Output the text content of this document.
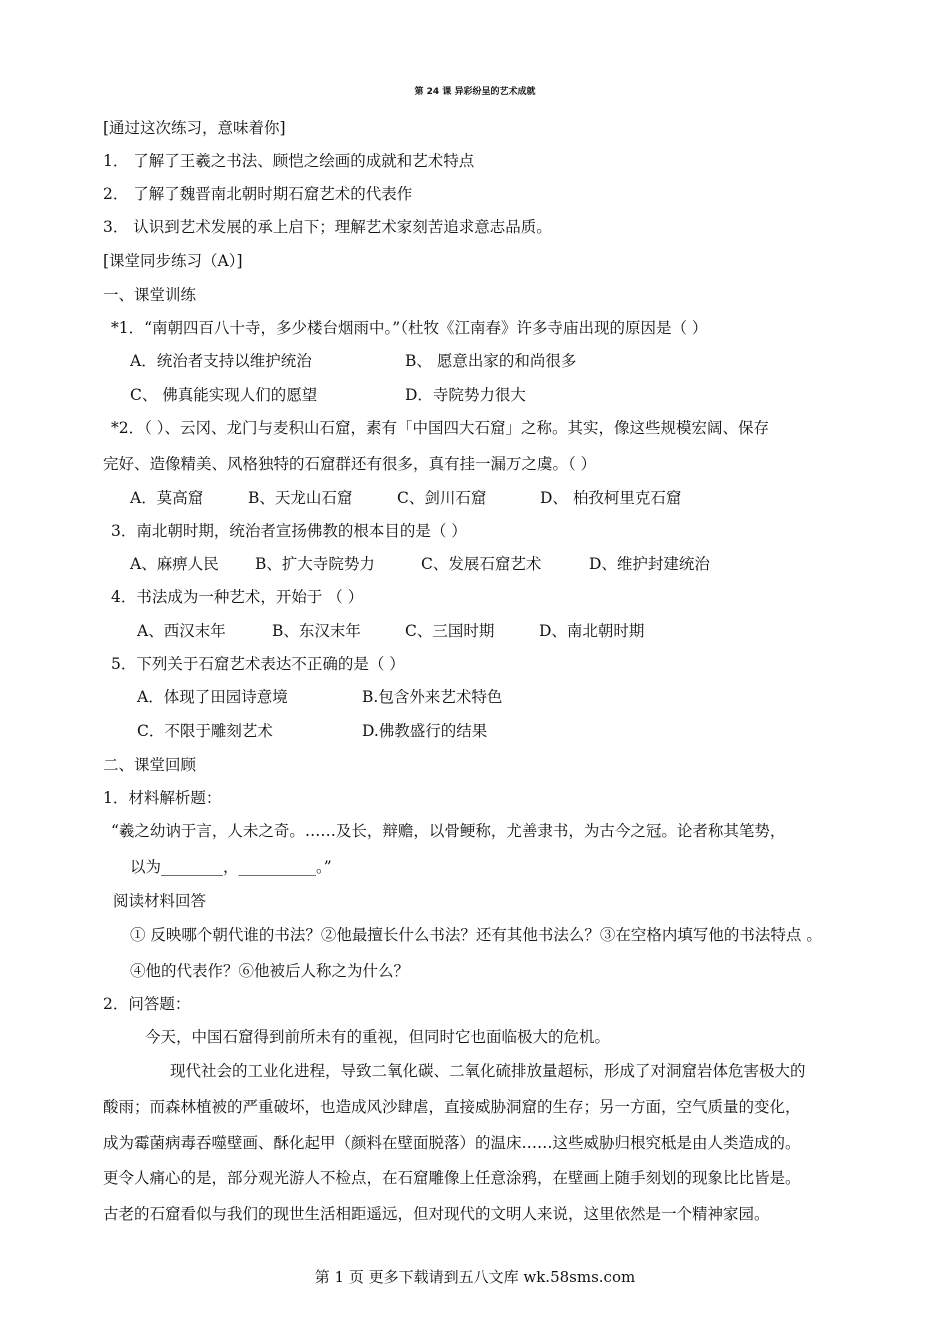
第 24 课 异彩纷呈的艺术成就
[通过这次练习，意味着你]
1． 了解了王羲之书法、顾恺之绘画的成就和艺术特点
2． 了解了魏晋南北朝时期石窟艺术的代表作
3． 认识到艺术发展的承上启下；理解艺术家刻苦追求意志品质。
[课堂同步练习（A）]
一、课堂训练
*1．“南朝四百八十寺，多少楼台烟雨中。”（杜牧《江南春》许多寺庙出现的原因是（ ）
A．统治者支持以维护统治	B、 愿意出家的和尚很多
C、 佛真能实现人们的愿望	D．寺院势力很大
*2．（ ）、云冈、龙门与麦积山石窟，素有「中国四大石窟」之称。其实，像这些规模宏阔、保存
完好、造像精美、风格独特的石窟群还有很多，真有挂一漏万之虞。（ ）
A．莫高窟	B、天龙山石窟	C、剑川石窟	D、 柏孜柯里克石窟
3．南北朝时期，统治者宣扬佛教的根本目的是（ ）
A、麻痹人民 B、扩大寺院势力	C、发展石窟艺术	D、维护封建统治
4．书法成为一种艺术，开始于 （ ）
A、西汉末年	B、东汉末年	C、三国时期	D、南北朝时期
5．下列关于石窟艺术表达不正确的是（ ）
A．体现了田园诗意境	B.包含外来艺术特色
C．不限于雕刻艺术	D.佛教盛行的结果
二、课堂回顾
1．材料解析题：
“羲之幼讷于言，人未之奇。……及长，辩赡，以骨鲠称，尤善隶书，为古今之冠。论者称其笔势，
以为________，__________。”
阅读材料回答
① 反映哪个朝代谁的书法？②他最擅长什么书法？还有其他书法么？③在空格内填写他的书法特点 。
④他的代表作？⑥他被后人称之为什么？
2．问答题：
今天，中国石窟得到前所未有的重视，但同时它也面临极大的危机。
现代社会的工业化进程，导致二氧化碳、二氧化硫排放量超标，形成了对洞窟岩体危害极大的
酸雨；而森林植被的严重破坏，也造成风沙肆虐，直接威胁洞窟的生存；另一方面，空气质量的变化，
成为霉菌病毒吞噬壁画、酥化起甲（颜料在壁面脱落）的温床……这些威胁归根究柢是由人类造成的。
更令人痛心的是，部分观光游人不检点，在石窟雕像上任意涂鸦，在壁画上随手刻划的现象比比皆是。
古老的石窟看似与我们的现世生活相距遥远，但对现代的文明人来说，这里依然是一个精神家园。
第 1 页 更多下载请到五八文库 wk.58sms.com
